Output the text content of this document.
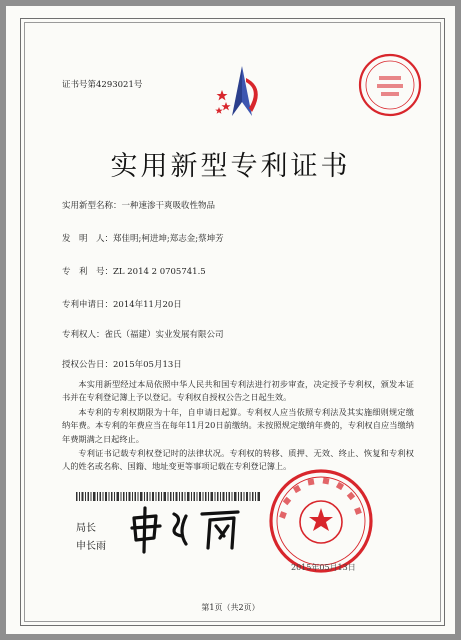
证书号第4293021号
实用新型专利证书
实用新型名称：一种速渗干爽吸收性物品
发　明　人：郑佳明;柯进坤;郑志金;蔡坤芳
专　利　号：ZL 2014 2 0705741.5
专利申请日：2014年11月20日
专利权人：雀氏（福建）实业发展有限公司
授权公告日：2015年05月13日

本实用新型经过本局依照中华人民共和国专利法进行初步审查，决定授予专利权，颁发本证书并在专利登记簿上予以登记。专利权自授权公告之日起生效。

本专利的专利权期限为十年，自申请日起算。专利权人应当依照专利法及其实施细则规定缴纳年费。本专利的年费应当在每年11月20日前缴纳。未按照规定缴纳年费的，专利权自应当缴纳年费期满之日起终止。

专利证书记载专利权登记时的法律状况。专利权的转移、质押、无效、终止、恢复和专利权人的姓名或名称、国籍、地址变更等事项记载在专利登记簿上。

局长
申长雨
2015年05月13日
第1页（共2页）
